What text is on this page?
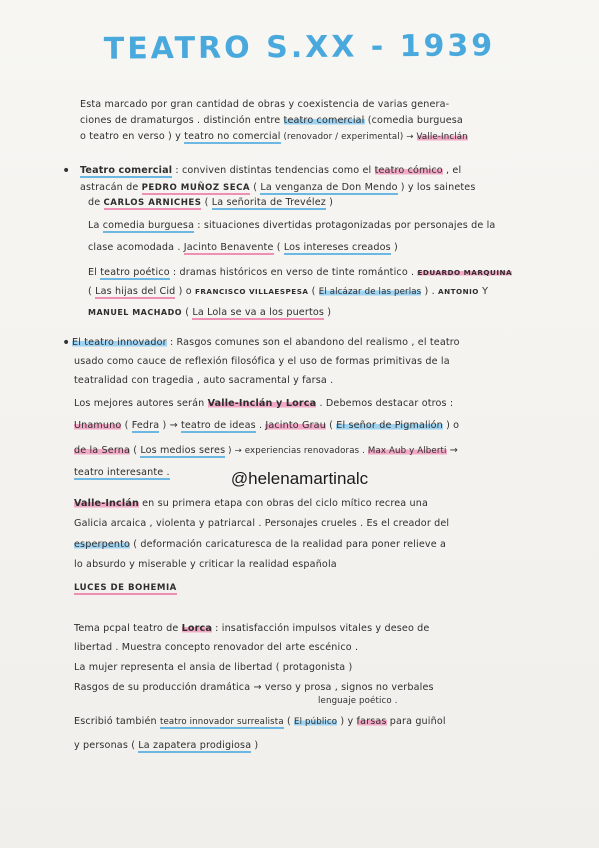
TEATRO S.XX - 1939
Esta marcado por gran cantidad de obras y coexistencia de varias genera-
ciones de dramaturgos . distinción entre teatro comercial (comedia burguesa
o teatro en verso ) y teatro no comercial (renovador / experimental) → Valle-Inclán
• Teatro comercial : conviven distintas tendencias como el teatro cómico , el
astracán de PEDRO MUÑOZ SECA ( La venganza de Don Mendo ) y los sainetes
de CARLOS ARNICHES ( La señorita de Trevélez )
La comedia burguesa : situaciones divertidas protagonizadas por personajes de la
clase acomodada . Jacinto Benavente ( Los intereses creados )
El teatro poético : dramas históricos en verso de tinte romántico . EDUARDO MARQUINA
( Las hijas del Cid ) o FRANCISCO VILLAESPESA ( El alcázar de las perlas ) . ANTONIO Y
MANUEL MACHADO ( La Lola se va a los puertos )
• El teatro innovador : Rasgos comunes son el abandono del realismo , el teatro
usado como cauce de reflexión filosófica y el uso de formas primitivas de la
teatralidad con tragedia , auto sacramental y farsa .
Los mejores autores serán Valle-Inclán y Lorca . Debemos destacar otros :
Unamuno ( Fedra ) → teatro de ideas . Jacinto Grau ( El señor de Pigmalión ) o
de la Serna ( Los medios seres ) → experiencias renovadoras . Max Aub y Alberti →
teatro interesante .	@helenamartinalc
Valle-Inclán en su primera etapa con obras del ciclo mítico recrea una
Galicia arcaica , violenta y patriarcal . Personajes crueles . Es el creador del
esperpento ( deformación caricaturesca de la realidad para poner relieve a
lo absurdo y miserable y criticar la realidad española
LUCES DE BOHEMIA
Tema pcpal teatro de Lorca : insatisfacción impulsos vitales y deseo de
libertad . Muestra concepto renovador del arte escénico .
La mujer representa el ansia de libertad ( protagonista )
Rasgos de su producción dramática → verso y prosa , signos no verbales
lenguaje poético .
Escribió también teatro innovador surrealista ( El público ) y farsas para guiñol
y personas ( La zapatera prodigiosa )
